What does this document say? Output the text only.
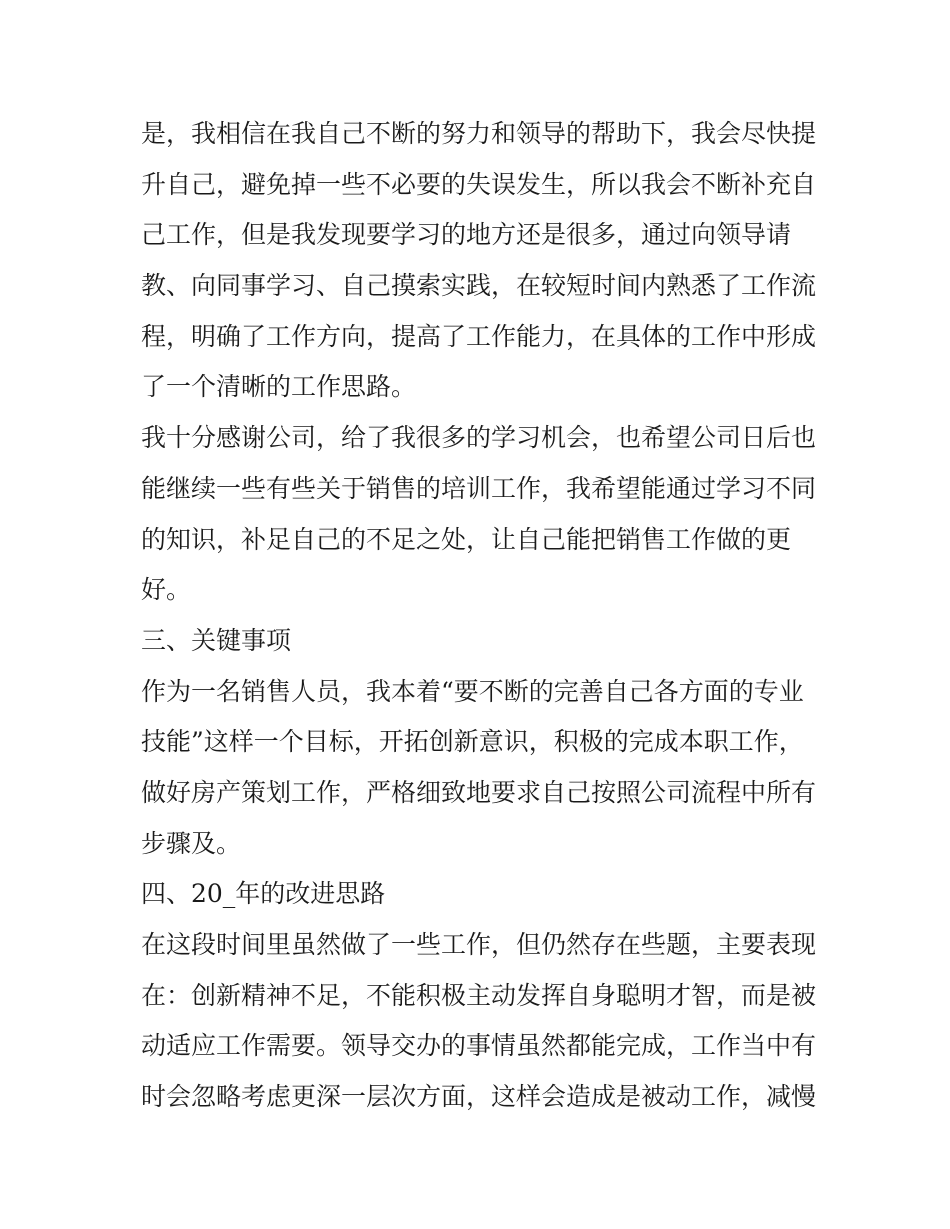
是，我相信在我自己不断的努力和领导的帮助下，我会尽快提
升自己，避免掉一些不必要的失误发生，所以我会不断补充自
己工作，但是我发现要学习的地方还是很多，通过向领导请
教、向同事学习、自己摸索实践，在较短时间内熟悉了工作流
程，明确了工作方向，提高了工作能力，在具体的工作中形成
了一个清晰的工作思路。
我十分感谢公司，给了我很多的学习机会，也希望公司日后也
能继续一些有些关于销售的培训工作，我希望能通过学习不同
的知识，补足自己的不足之处，让自己能把销售工作做的更
好。
三、关键事项
作为一名销售人员，我本着“要不断的完善自己各方面的专业
技能”这样一个目标，开拓创新意识，积极的完成本职工作，
做好房产策划工作，严格细致地要求自己按照公司流程中所有
步骤及。
四、20_年的改进思路
在这段时间里虽然做了一些工作，但仍然存在些题，主要表现
在：创新精神不足，不能积极主动发挥自身聪明才智，而是被
动适应工作需要。领导交办的事情虽然都能完成，工作当中有
时会忽略考虑更深一层次方面，这样会造成是被动工作，减慢
